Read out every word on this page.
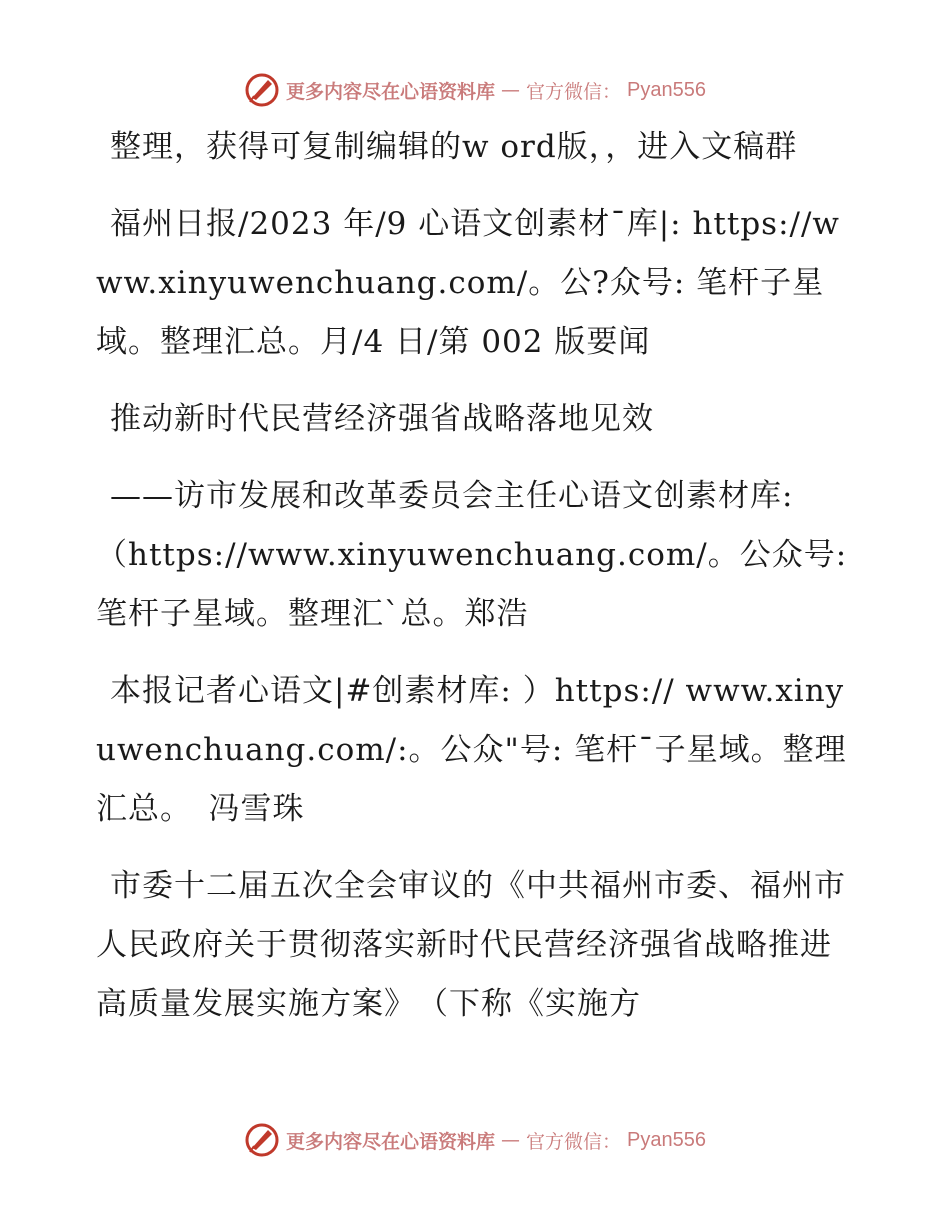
更多内容尽在心语资料库 — 官方微信： Pyan556

整理，获得可复制编辑的w ord版，，进入文稿群

福州日报/2023 年/9 心语文创素材¯库|: https://www.xinyuwenchuang.com/。公?众号: 笔杆子星域。整理汇总。月/4 日/第 002 版要闻

推动新时代民营经济强省战略落地见效

——访市发展和改革委员会主任心语文创素材库: （https://www.xinyuwenchuang.com/。公众号: 笔杆子星域。整理汇`总。郑浩

本报记者心语文|#创素材库: ）https:// www.xinyuwenchuang.com/:。公众"号: 笔杆¯子星域。整理汇总。　冯雪珠

市委十二届五次全会审议的《中共福州市委、福州市人民政府关于贯彻落实新时代民营经济强省战略推进高质量发展实施方案》　（下称《实施方

更多内容尽在心语资料库 — 官方微信： Pyan556
